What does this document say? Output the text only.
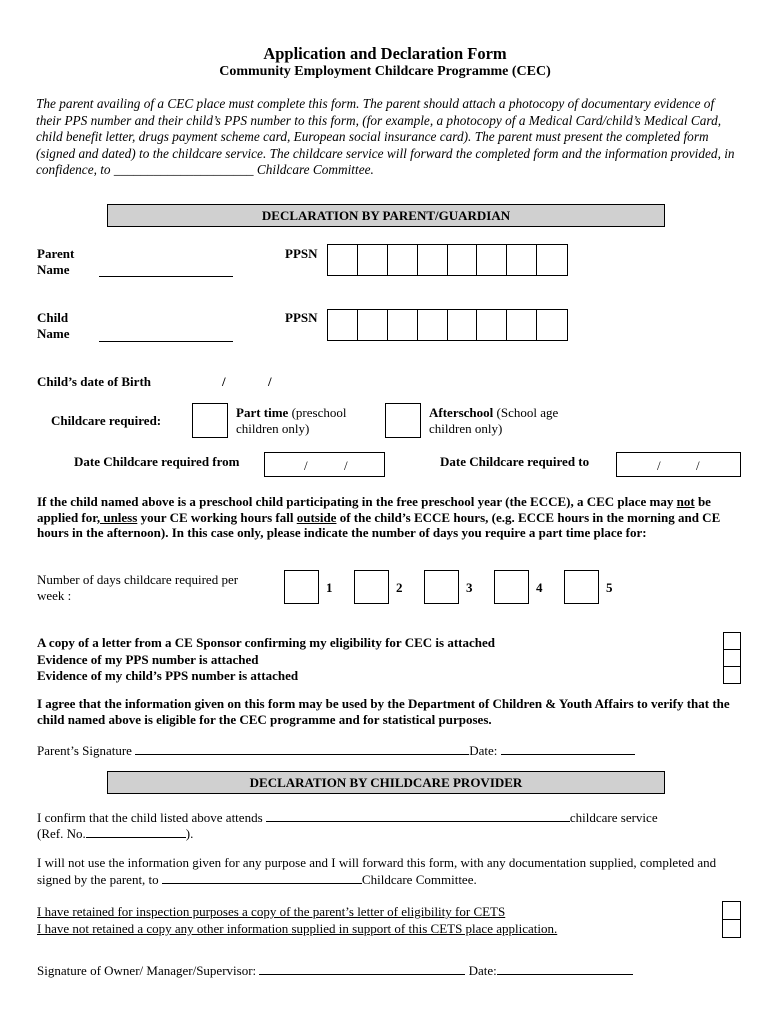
Application and Declaration Form
Community Employment Childcare Programme (CEC)
The parent availing of a CEC place must complete this form. The parent should attach a photocopy of documentary evidence of their PPS number and their child’s PPS number to this form, (for example, a photocopy of a Medical Card/child’s Medical Card, child benefit letter, drugs payment scheme card, European social insurance card). The parent must present the completed form (signed and dated) to the childcare service. The childcare service will forward the completed form and the information provided, in confidence, to _____________________ Childcare Committee.
DECLARATION BY PARENT/GUARDIAN
Parent
Name
PPSN
Child
Name
PPSN
Child’s date of Birth	/	/
Childcare required:
Part time (preschool
children only)
Afterschool (School age
children only)
Date Childcare required from	/	/	Date Childcare required to	/	/
If the child named above is a preschool child participating in the free preschool year (the ECCE), a CEC place may not be applied for, unless your CE working hours fall outside of the child’s ECCE hours, (e.g. ECCE hours in the morning and CE hours in the afternoon). In this case only, please indicate the number of days you require a part time place for:
Number of days childcare required per
week :
1	2	3	4	5
A copy of a letter from a CE Sponsor confirming my eligibility for CEC is attached
Evidence of my PPS number is attached
Evidence of my child’s PPS number is attached
I agree that the information given on this form may be used by the Department of Children & Youth Affairs to verify that the child named above is eligible for the CEC programme and for statistical purposes.
Parent’s Signature	Date:
DECLARATION BY CHILDCARE PROVIDER
I confirm that the child listed above attends	childcare service
(Ref. No.	).
I will not use the information given for any purpose and I will forward this form, with any documentation supplied, completed and signed by the parent, to	Childcare Committee.
I have retained for inspection purposes a copy of the parent’s letter of eligibility for CETS
I have not retained a copy any other information supplied in support of this CETS place application.
Signature of Owner/ Manager/Supervisor:	Date:
